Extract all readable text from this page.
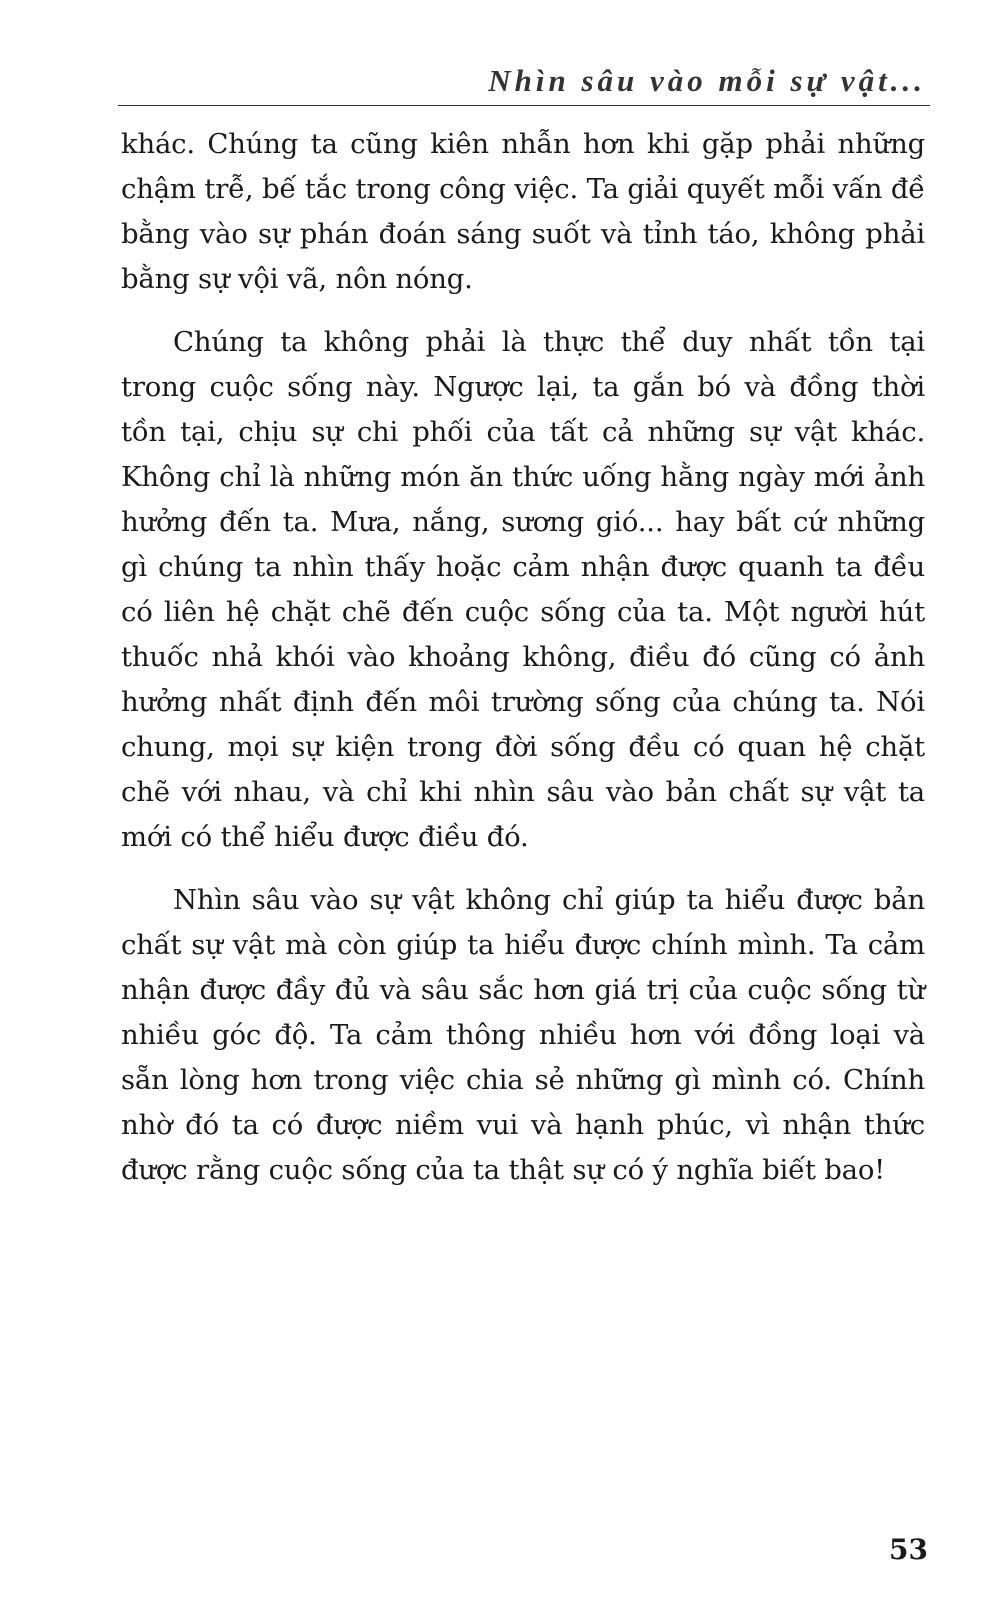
Nhìn sâu vào mỗi sự vật...

khác. Chúng ta cũng kiên nhẫn hơn khi gặp phải những chậm trễ, bế tắc trong công việc. Ta giải quyết mỗi vấn đề bằng vào sự phán đoán sáng suốt và tỉnh táo, không phải bằng sự vội vã, nôn nóng.

Chúng ta không phải là thực thể duy nhất tồn tại trong cuộc sống này. Ngược lại, ta gắn bó và đồng thời tồn tại, chịu sự chi phối của tất cả những sự vật khác. Không chỉ là những món ăn thức uống hằng ngày mới ảnh hưởng đến ta. Mưa, nắng, sương gió... hay bất cứ những gì chúng ta nhìn thấy hoặc cảm nhận được quanh ta đều có liên hệ chặt chẽ đến cuộc sống của ta. Một người hút thuốc nhả khói vào khoảng không, điều đó cũng có ảnh hưởng nhất định đến môi trường sống của chúng ta. Nói chung, mọi sự kiện trong đời sống đều có quan hệ chặt chẽ với nhau, và chỉ khi nhìn sâu vào bản chất sự vật ta mới có thể hiểu được điều đó.

Nhìn sâu vào sự vật không chỉ giúp ta hiểu được bản chất sự vật mà còn giúp ta hiểu được chính mình. Ta cảm nhận được đầy đủ và sâu sắc hơn giá trị của cuộc sống từ nhiều góc độ. Ta cảm thông nhiều hơn với đồng loại và sẵn lòng hơn trong việc chia sẻ những gì mình có. Chính nhờ đó ta có được niềm vui và hạnh phúc, vì nhận thức được rằng cuộc sống của ta thật sự có ý nghĩa biết bao!

53
